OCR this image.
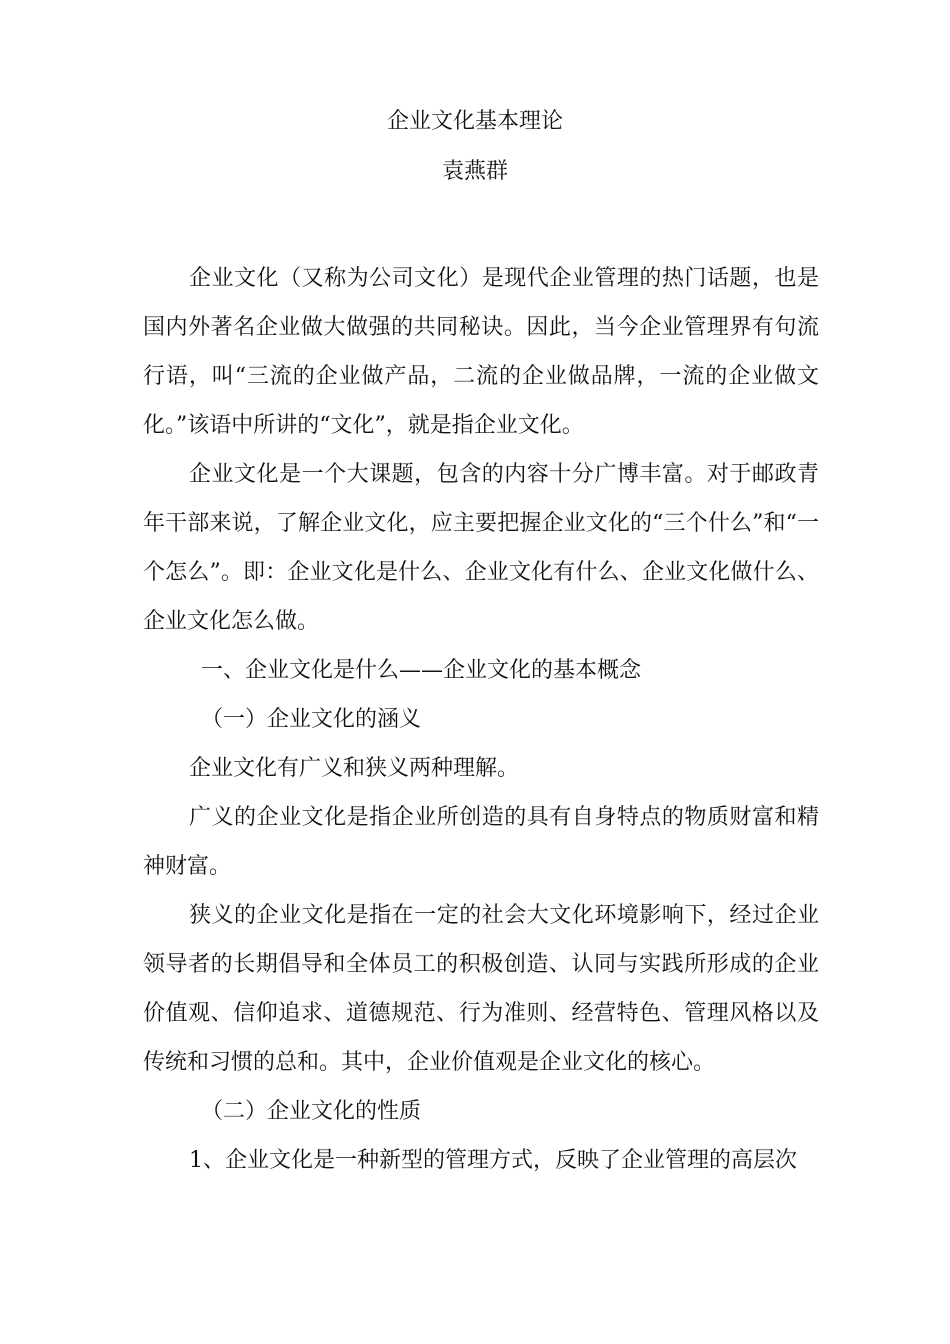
企业文化基本理论
袁燕群

企业文化（又称为公司文化）是现代企业管理的热门话题，也是国内外著名企业做大做强的共同秘诀。因此，当今企业管理界有句流行语，叫“三流的企业做产品，二流的企业做品牌，一流的企业做文化。”该语中所讲的“文化”，就是指企业文化。

企业文化是一个大课题，包含的内容十分广博丰富。对于邮政青年干部来说，了解企业文化，应主要把握企业文化的“三个什么”和“一个怎么”。即：企业文化是什么、企业文化有什么、企业文化做什么、企业文化怎么做。

一、企业文化是什么——企业文化的基本概念

（一）企业文化的涵义

企业文化有广义和狭义两种理解。

广义的企业文化是指企业所创造的具有自身特点的物质财富和精神财富。

狭义的企业文化是指在一定的社会大文化环境影响下，经过企业领导者的长期倡导和全体员工的积极创造、认同与实践所形成的企业价值观、信仰追求、道德规范、行为准则、经营特色、管理风格以及传统和习惯的总和。其中，企业价值观是企业文化的核心。

（二）企业文化的性质

1、企业文化是一种新型的管理方式，反映了企业管理的高层次
